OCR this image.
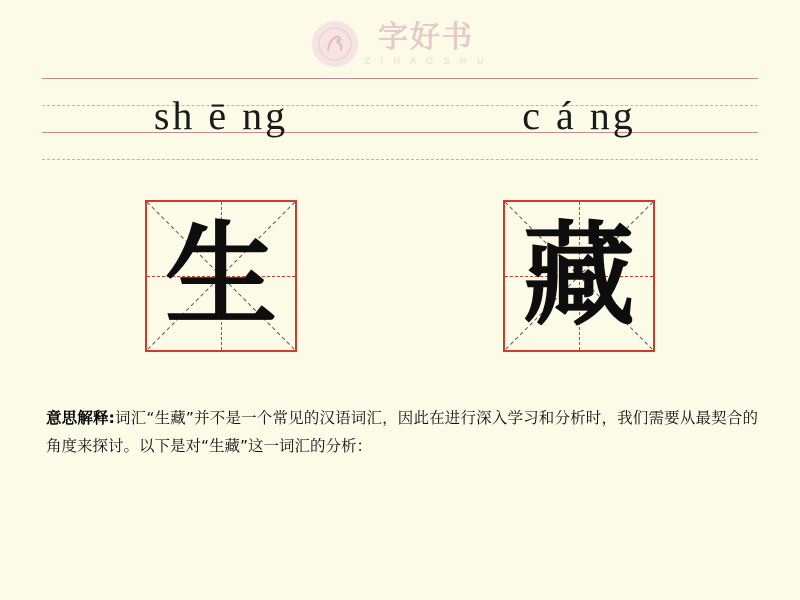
字好书
Z I H A O S H U
sh ē ng	c á ng
生 藏
意思解释:词汇“生藏”并不是一个常见的汉语词汇，因此在进行深入学习和分析时，我们需要从最契合的角度来探讨。以下是对“生藏”这一词汇的分析：
